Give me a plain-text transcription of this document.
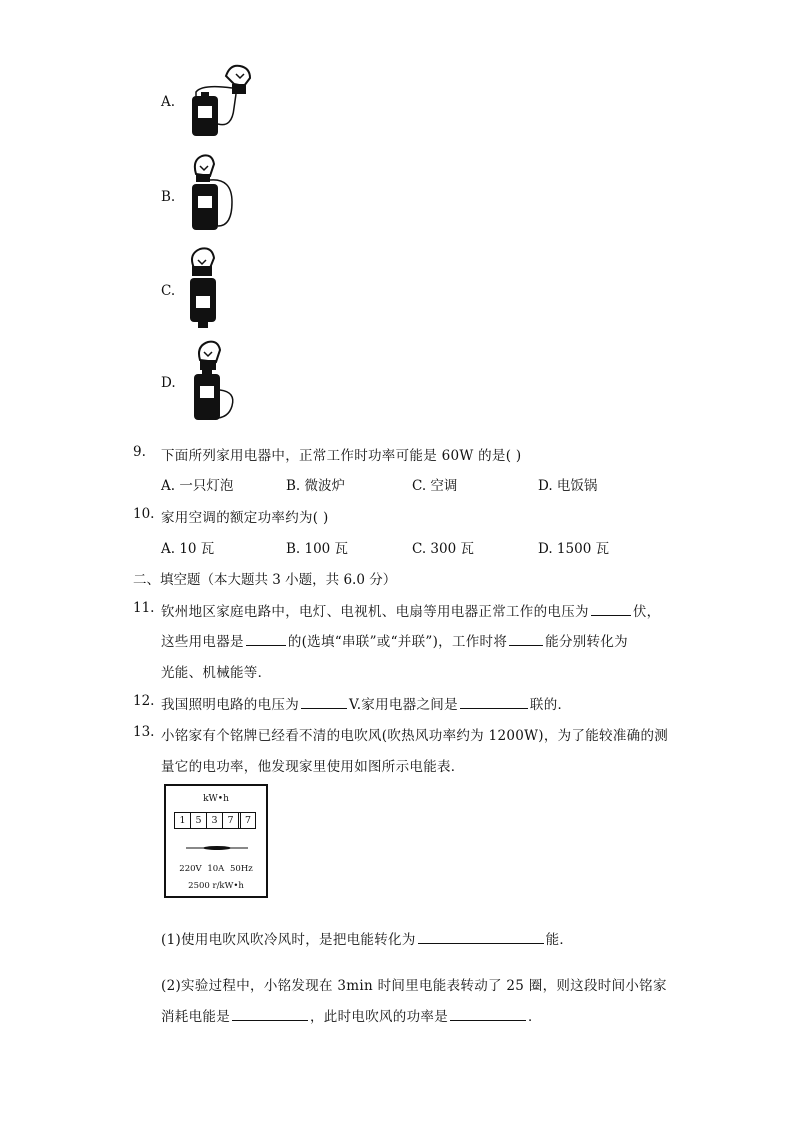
A.
B.
C.
D.
9. 下面所列家用电器中，正常工作时功率可能是 60W 的是( )
A. 一只灯泡	B. 微波炉	C. 空调	D. 电饭锅
10. 家用空调的额定功率约为( )
A. 10 瓦	B. 100 瓦	C. 300 瓦	D. 1500 瓦
二、填空题（本大题共 3 小题，共 6.0 分）
11. 钦州地区家庭电路中，电灯、电视机、电扇等用电器正常工作的电压为	伏，
这些用电器是	的(选填“串联”或“并联”)，工作时将	能分别转化为
光能、机械能等．
12. 我国照明电路的电压为	V.家用电器之间是	联的．
13. 小铭家有个铭牌已经看不清的电吹风(吹热风功率约为 1200W)，为了能较准确的测
量它的电功率，他发现家里使用如图所示电能表．
kW•h
1	5	3	7	7
220V 10A 50Hz
2500 r/kW•h
(1)使用电吹风吹冷风时，是把电能转化为	能．
(2)实验过程中，小铭发现在 3min 时间里电能表转动了 25 圈，则这段时间小铭家
消耗电能是	，此时电吹风的功率是	．
